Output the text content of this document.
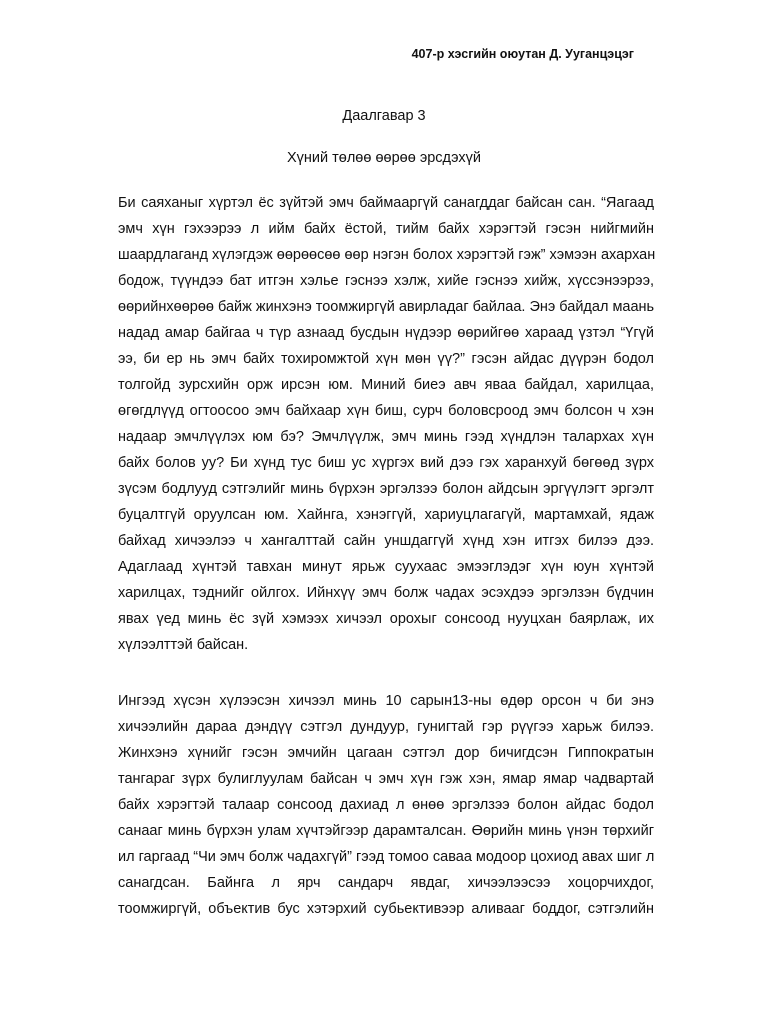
407-р хэсгийн оюутан Д. Ууганцэцэг
Даалгавар 3
Хүний төлөө өөрөө эрсдэхүй
Би саяханыг хүртэл ёс зүйтэй эмч баймааргүй санагддаг байсан сан. “Яагаад
эмч хүн гэхээрээ л ийм байх ёстой, тийм байх хэрэгтэй гэсэн нийгмийн
шаардлаганд хүлэгдэж өөрөөсөө өөр нэгэн болох хэрэгтэй гэж” хэмээн ахархан
бодож, түүндээ бат итгэн хэлье гэснээ хэлж, хийе гэснээ хийж, хүссэнээрээ,
өөрийнхөөрөө байж жинхэнэ тоомжиргүй авирладаг байлаа. Энэ байдал маань
надад амар байгаа ч түр азнаад бусдын нүдээр өөрийгөө хараад үзтэл “Үгүй
ээ, би ер нь эмч байх тохиромжтой хүн мөн үү?” гэсэн айдас дүүрэн бодол
толгойд зурсхийн орж ирсэн юм. Миний биеэ авч яваа байдал, харилцаа,
өгөгдлүүд огтоосоо эмч байхаар хүн биш, сурч боловсроод эмч болсон ч хэн
надаар эмчлүүлэх юм бэ? Эмчлүүлж, эмч минь гээд хүндлэн талархах хүн
байх болов уу? Би хүнд тус биш ус хүргэх вий дээ гэх харанхуй бөгөөд зүрх
зүсэм бодлууд сэтгэлийг минь бүрхэн эргэлзээ болон айдсын эргүүлэгт эргэлт
буцалтгүй оруулсан юм. Хайнга, хэнэггүй, хариуцлагагүй, мартамхай, ядаж
байхад хичээлээ ч хангалттай сайн уншдаггүй хүнд хэн итгэх билээ дээ.
Адаглаад хүнтэй тавхан минут ярьж суухаас эмээглэдэг хүн юун хүнтэй
харилцах, тэднийг ойлгох. Ийнхүү эмч болж чадах эсэхдээ эргэлзэн бүдчин
явах үед минь ёс зүй хэмээх хичээл орохыг сонсоод нууцхан баярлаж, их
хүлээлттэй байсан.
Ингээд хүсэн хүлээсэн хичээл минь 10 сарын13-ны өдөр орсон ч би энэ
хичээлийн дараа дэндүү сэтгэл дундуур, гунигтай гэр рүүгээ харьж билээ.
Жинхэнэ хүнийг гэсэн эмчийн цагаан сэтгэл дор бичигдсэн Гиппократын
тангараг зүрх булиглуулам байсан ч эмч хүн гэж хэн, ямар ямар чадвартай
байх хэрэгтэй талаар сонсоод дахиад л өнөө эргэлзээ болон айдас бодол
санааг минь бүрхэн улам хүчтэйгээр дарамталсан. Өөрийн минь үнэн төрхийг
ил гаргаад “Чи эмч болж чадахгүй” гээд томоо саваа модоор цохиод авах шиг л
санагдсан. Байнга л ярч сандарч явдаг, хичээлээсээ хоцорчихдог,
тоомжиргүй, объектив бус хэтэрхий субьективээр аливааг боддог, сэтгэлийн
